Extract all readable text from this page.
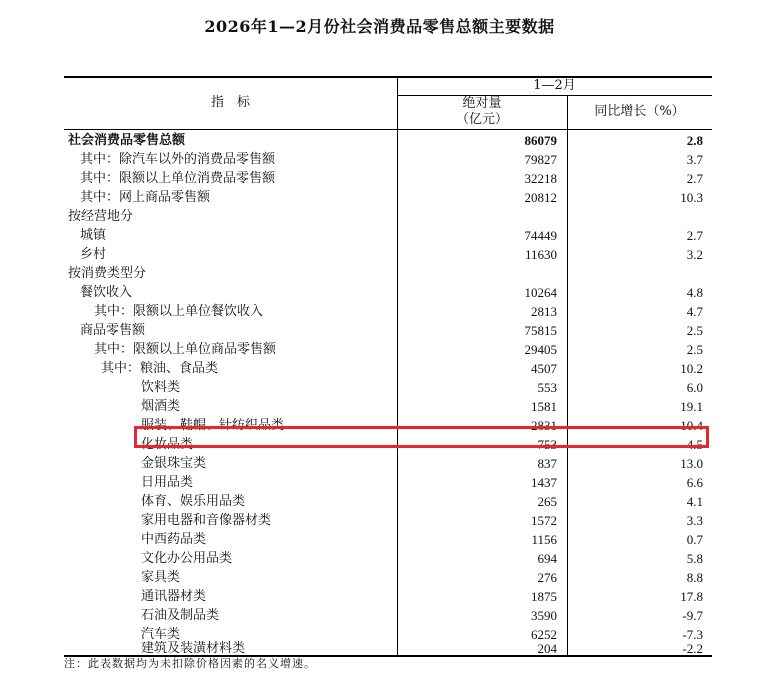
2026年1—2月份社会消费品零售总额主要数据
指　标
1—2月
绝对量
（亿元）
同比增长（%）
社会消费品零售总额	86079	2.8
其中：除汽车以外的消费品零售额	79827	3.7
其中：限额以上单位消费品零售额	32218	2.7
其中：网上商品零售额	20812	10.3
按经营地分
城镇	74449	2.7
乡村	11630	3.2
按消费类型分
餐饮收入	10264	4.8
其中：限额以上单位餐饮收入	2813	4.7
商品零售额	75815	2.5
其中：限额以上单位商品零售额	29405	2.5
其中：粮油、食品类	4507	10.2
饮料类	553	6.0
烟酒类	1581	19.1
服装、鞋帽、针纺织品类	2831	10.4
化妆品类	753	4.5
金银珠宝类	837	13.0
日用品类	1437	6.6
体育、娱乐用品类	265	4.1
家用电器和音像器材类	1572	3.3
中西药品类	1156	0.7
文化办公用品类	694	5.8
家具类	276	8.8
通讯器材类	1875	17.8
石油及制品类	3590	-9.7
汽车类	6252	-7.3
建筑及装潢材料类	204	-2.2
注：此表数据均为未扣除价格因素的名义增速。
